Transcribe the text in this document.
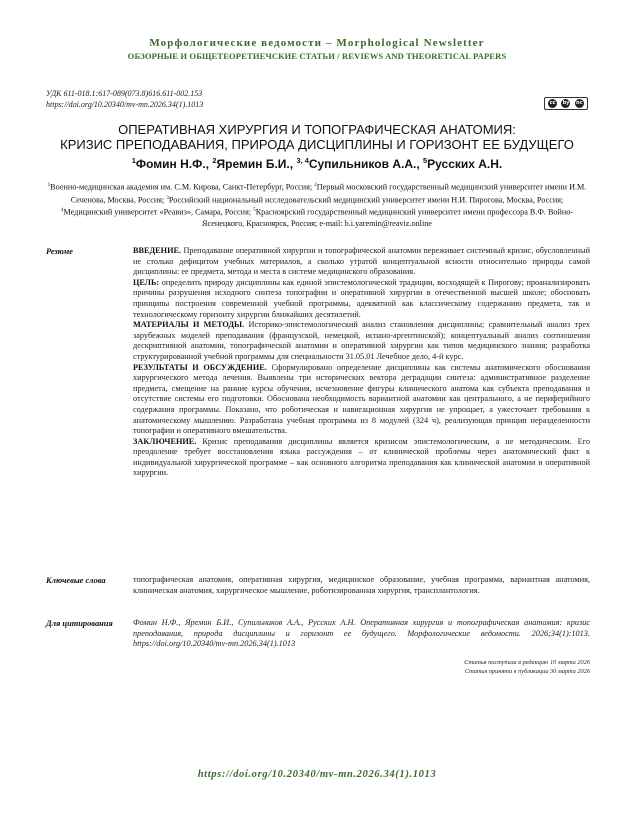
Морфологические ведомости – Morphological Newsletter
ОБЗОРНЫЕ И ОБЩЕТЕОРЕТИЕЧСКИЕ СТАТЬИ / REVIEWS AND THEORETICAL PAPERS
УДК 611-018.1:617-089(073.8)616.611-002.153
https://doi.org/10.20340/mv-mn.2026.34(1).1013	cc	by nc
ОПЕРАТИВНАЯ ХИРУРГИЯ И ТОПОГРАФИЧЕСКАЯ АНАТОМИЯ:
КРИЗИС ПРЕПОДАВАНИЯ, ПРИРОДА ДИСЦИПЛИНЫ И ГОРИЗОНТ ЕЕ БУДУЩЕГО
$^1$Фомин Н.Ф., $^2$Яремин Б.И., $^{3, 4}$Супильников А.А., $^5$Русских А.Н.
$^1$Военно-медицинская академия им. С.М. Кирова, Санкт-Петербург, Россия; $^2$Первый московский государственный медицинский университет имени И.М. Сеченова, Москва, Россия; $^3$Российский национальный исследовательский медицинский университет имени Н.И. Пирогова, Москва, Россия; $^4$Медицинский университет «Реавиз», Самара, Россия; $^5$Красноярский государственный медицинский университет имени профессора В.Ф. Войно-Ясенецкого, Красноярск, Россия; e-mail: b.i.yaremin@reaviz.online
Резюме	ВВЕДЕНИЕ. Преподавание оперативной хирургии и топографической анатомии переживает системный кризис, обусловленный не столько дефицитом учебных материалов, а сколько утратой концептуальной ясности относительно природы самой дисциплины: ее предмета, метода и места в системе медицинского образования.

ЦЕЛЬ: определить природу дисциплины как единой эпистемологической традиции, восходящей к Пирогову; проанализировать причины разрушения исходного синтеза топографии и оперативной хирургии в отечественной высшей школе; обосновать принципы построения современной учебной программы, адекватной как классическому содержанию предмета, так и технологическому горизонту хирургии ближайших десятилетий.

МАТЕРИАЛЫ И МЕТОДЫ. Историко-эпистемологический анализ становления дисциплины; сравнительный анализ трех зарубежных моделей преподавания (французской, немецкой, испано-аргентинской); концептуальный анализ соотношения дескриптивной анатомии, топографической анатомии и оперативной хирургии как типов медицинского знания; разработка структурированной учебной программы для специальности 31.05.01 Лечебное дело, 4-й курс.

РЕЗУЛЬТАТЫ И ОБСУЖДЕНИЕ. Сформулировано определение дисциплины как системы анатомического обоснования хирургического метода лечения. Выявлены три исторических вектора деградации синтеза: административное разделение предмета, смещение на ранние курсы обучения, исчезновение фигуры клинического анатома как субъекта преподавания и отсутствие системы его подготовки. Обоснована необходимость вариантной анатомии как центрального, а не периферийного содержания программы. Показано, что роботическая и навигационная хирургия не упрощает, а ужесточает требования к анатомическому мышлению. Разработана учебная программа из 8 модулей (324 ч), реализующая принцип неразделенности топографии и оперативного вмешательства.

ЗАКЛЮЧЕНИЕ. Кризис преподавания дисциплины является кризисом эпистемологическим, а не методическим. Его преодоление требует восстановления языка рассуждения – от клинической проблемы через анатомический факт к индивидуальной хирургической программе – как основного алгоритма преподавания как клинической анатомии и оперативной хирургии.

Ключевые слова	топографическая анатомия, оперативная хирургия, медицинское образование, учебная программа, вариантная анатомия, клиническая анатомия, хирургическое мышление, роботизированная хирургия, трансплантология.
Для цитирования Фомин Н.Ф., Яремин Б.И., Супильников А.А., Русских А.Н. Оперативная хирургия и топографическая анатомия: кризис преподавания, природа дисциплины и горизонт ее будущего. Морфологические ведомости. 2026;34(1):1013. https://doi.org/10.20340/mv-mn.2026.34(1).1013
Статья поступила в редакцию 10 марта 2026
Статья принята к публикации 30 марта 2026
https://doi.org/10.20340/mv-mn.2026.34(1).1013
